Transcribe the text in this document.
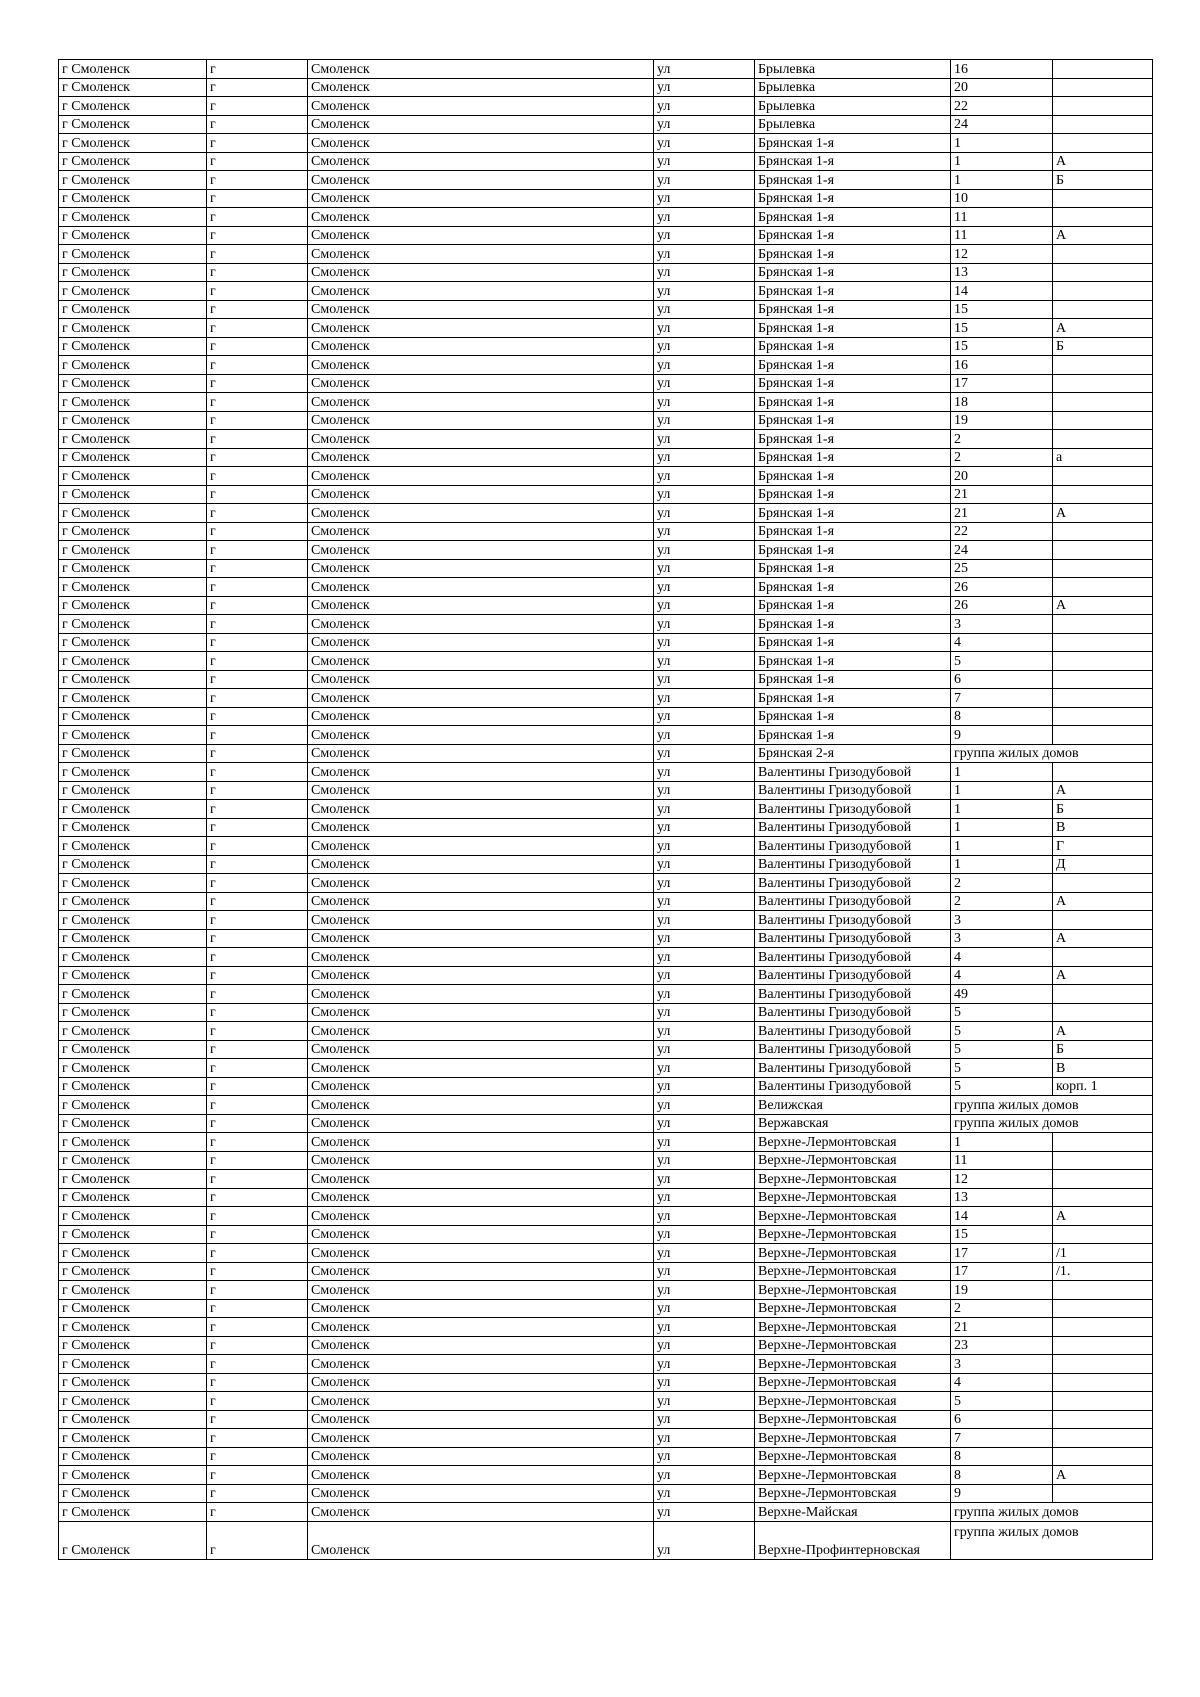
г Смоленск	г	Смоленск	ул	Брылевка	16	
г Смоленск	г	Смоленск	ул	Брылевка	20	
г Смоленск	г	Смоленск	ул	Брылевка	22	
г Смоленск	г	Смоленск	ул	Брылевка	24	
г Смоленск	г	Смоленск	ул	Брянская 1-я	1	
г Смоленск	г	Смоленск	ул	Брянская 1-я	1	А
г Смоленск	г	Смоленск	ул	Брянская 1-я	1	Б
г Смоленск	г	Смоленск	ул	Брянская 1-я	10	
г Смоленск	г	Смоленск	ул	Брянская 1-я	11	
г Смоленск	г	Смоленск	ул	Брянская 1-я	11	А
г Смоленск	г	Смоленск	ул	Брянская 1-я	12	
г Смоленск	г	Смоленск	ул	Брянская 1-я	13	
г Смоленск	г	Смоленск	ул	Брянская 1-я	14	
г Смоленск	г	Смоленск	ул	Брянская 1-я	15	
г Смоленск	г	Смоленск	ул	Брянская 1-я	15	А
г Смоленск	г	Смоленск	ул	Брянская 1-я	15	Б
г Смоленск	г	Смоленск	ул	Брянская 1-я	16	
г Смоленск	г	Смоленск	ул	Брянская 1-я	17	
г Смоленск	г	Смоленск	ул	Брянская 1-я	18	
г Смоленск	г	Смоленск	ул	Брянская 1-я	19	
г Смоленск	г	Смоленск	ул	Брянская 1-я	2	
г Смоленск	г	Смоленск	ул	Брянская 1-я	2	а
г Смоленск	г	Смоленск	ул	Брянская 1-я	20	
г Смоленск	г	Смоленск	ул	Брянская 1-я	21	
г Смоленск	г	Смоленск	ул	Брянская 1-я	21	А
г Смоленск	г	Смоленск	ул	Брянская 1-я	22	
г Смоленск	г	Смоленск	ул	Брянская 1-я	24	
г Смоленск	г	Смоленск	ул	Брянская 1-я	25	
г Смоленск	г	Смоленск	ул	Брянская 1-я	26	
г Смоленск	г	Смоленск	ул	Брянская 1-я	26	А
г Смоленск	г	Смоленск	ул	Брянская 1-я	3	
г Смоленск	г	Смоленск	ул	Брянская 1-я	4	
г Смоленск	г	Смоленск	ул	Брянская 1-я	5	
г Смоленск	г	Смоленск	ул	Брянская 1-я	6	
г Смоленск	г	Смоленск	ул	Брянская 1-я	7	
г Смоленск	г	Смоленск	ул	Брянская 1-я	8	
г Смоленск	г	Смоленск	ул	Брянская 1-я	9	
г Смоленск	г	Смоленск	ул	Брянская 2-я	группа жилых домов	
г Смоленск	г	Смоленск	ул	Валентины Гризодубовой	1	
г Смоленск	г	Смоленск	ул	Валентины Гризодубовой	1	А
г Смоленск	г	Смоленск	ул	Валентины Гризодубовой	1	Б
г Смоленск	г	Смоленск	ул	Валентины Гризодубовой	1	В
г Смоленск	г	Смоленск	ул	Валентины Гризодубовой	1	Г
г Смоленск	г	Смоленск	ул	Валентины Гризодубовой	1	Д
г Смоленск	г	Смоленск	ул	Валентины Гризодубовой	2	
г Смоленск	г	Смоленск	ул	Валентины Гризодубовой	2	А
г Смоленск	г	Смоленск	ул	Валентины Гризодубовой	3	
г Смоленск	г	Смоленск	ул	Валентины Гризодубовой	3	А
г Смоленск	г	Смоленск	ул	Валентины Гризодубовой	4	
г Смоленск	г	Смоленск	ул	Валентины Гризодубовой	4	А
г Смоленск	г	Смоленск	ул	Валентины Гризодубовой	49	
г Смоленск	г	Смоленск	ул	Валентины Гризодубовой	5	
г Смоленск	г	Смоленск	ул	Валентины Гризодубовой	5	А
г Смоленск	г	Смоленск	ул	Валентины Гризодубовой	5	Б
г Смоленск	г	Смоленск	ул	Валентины Гризодубовой	5	В
г Смоленск	г	Смоленск	ул	Валентины Гризодубовой	5	корп. 1
г Смоленск	г	Смоленск	ул	Велижская	группа жилых домов	
г Смоленск	г	Смоленск	ул	Вержавская	группа жилых домов	
г Смоленск	г	Смоленск	ул	Верхне-Лермонтовская	1	
г Смоленск	г	Смоленск	ул	Верхне-Лермонтовская	11	
г Смоленск	г	Смоленск	ул	Верхне-Лермонтовская	12	
г Смоленск	г	Смоленск	ул	Верхне-Лермонтовская	13	
г Смоленск	г	Смоленск	ул	Верхне-Лермонтовская	14	А
г Смоленск	г	Смоленск	ул	Верхне-Лермонтовская	15	
г Смоленск	г	Смоленск	ул	Верхне-Лермонтовская	17	/1
г Смоленск	г	Смоленск	ул	Верхне-Лермонтовская	17	/1.
г Смоленск	г	Смоленск	ул	Верхне-Лермонтовская	19	
г Смоленск	г	Смоленск	ул	Верхне-Лермонтовская	2	
г Смоленск	г	Смоленск	ул	Верхне-Лермонтовская	21	
г Смоленск	г	Смоленск	ул	Верхне-Лермонтовская	23	
г Смоленск	г	Смоленск	ул	Верхне-Лермонтовская	3	
г Смоленск	г	Смоленск	ул	Верхне-Лермонтовская	4	
г Смоленск	г	Смоленск	ул	Верхне-Лермонтовская	5	
г Смоленск	г	Смоленск	ул	Верхне-Лермонтовская	6	
г Смоленск	г	Смоленск	ул	Верхне-Лермонтовская	7	
г Смоленск	г	Смоленск	ул	Верхне-Лермонтовская	8	
г Смоленск	г	Смоленск	ул	Верхне-Лермонтовская	8	А
г Смоленск	г	Смоленск	ул	Верхне-Лермонтовская	9	
г Смоленск	г	Смоленск	ул	Верхне-Майская	группа жилых домов	
г Смоленск	г	Смоленск	ул	Верхне-Профинтерновская	группа жилых домов	
